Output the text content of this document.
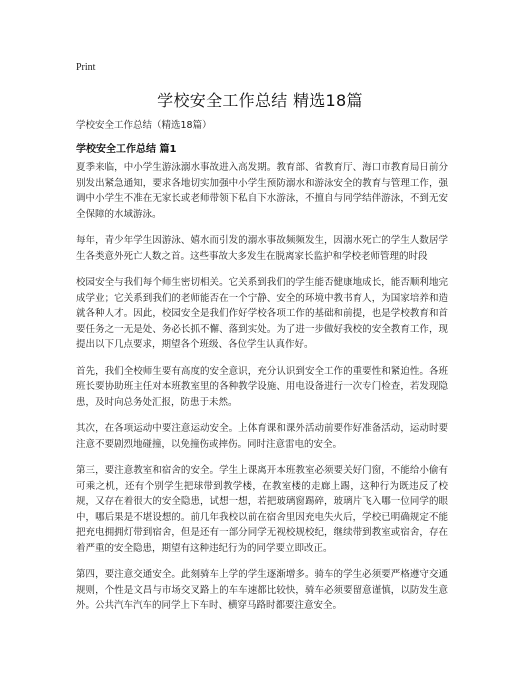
Print
学校安全工作总结 精选18篇

学校安全工作总结（精选18篇）

学校安全工作总结 篇1

夏季来临，中小学生游泳溺水事故进入高发期。教育部、省教育厅、海口市教育局日前分别发出紧急通知，要求各地切实加强中小学生预防溺水和游泳安全的教育与管理工作，强调中小学生不准在无家长或老师带领下私自下水游泳，不擅自与同学结伴游泳，不到无安全保障的水域游泳。

每年，青少年学生因游泳、嬉水而引发的溺水事故频频发生，因溺水死亡的学生人数居学生各类意外死亡人数之首。这些事故大多发生在脱离家长监护和学校老师管理的时段

校园安全与我们每个师生密切相关。它关系到我们的学生能否健康地成长，能否顺利地完成学业；它关系到我们的老师能否在一个宁静、安全的环境中教书育人，为国家培养和造就各种人才。因此，校园安全是我们作好学校各项工作的基础和前提，也是学校教育和首要任务之一无是处、务必长抓不懈、落到实处。为了进一步做好我校的安全教育工作，现提出以下几点要求，期望各个班级、各位学生认真作好。

首先，我们全校师生要有高度的安全意识，充分认识到安全工作的重要性和紧迫性。各班班长要协助班主任对本班教室里的各种教学设施、用电设备进行一次专门检查，若发现隐患，及时向总务处汇报，防患于未然。

其次，在各项运动中要注意运动安全。上体育课和课外活动前要作好准备活动，运动时要注意不要剧烈地碰撞，以免撞伤或摔伤。同时注意雷电的安全。

第三，要注意教室和宿舍的安全。学生上课离开本班教室必须要关好门窗，不能给小偷有可乘之机，还有个别学生把球带到教学楼，在教室楼的走廊上踢，这种行为既违反了校规，又存在着很大的安全隐患，试想一想，若把玻璃窗踢碎，玻璃片飞入哪一位同学的眼中，哪后果是不堪设想的。前几年我校以前在宿舍里因充电失火后，学校已明确规定不能把充电拥拥灯带到宿舍，但是还有一部分同学无视校规校纪，继续带到教室或宿舍，存在着严重的安全隐患，期望有这种违纪行为的同学要立即改正。

第四，要注意交通安全。此刻骑车上学的学生逐渐增多。骑车的学生必须要严格遵守交通规则，个性是文昌与市场交叉路上的车车速都比较快，骑车必须要留意谨慎，以防发生意外。公共汽车汽车的同学上下车时、横穿马路时都要注意安全。
